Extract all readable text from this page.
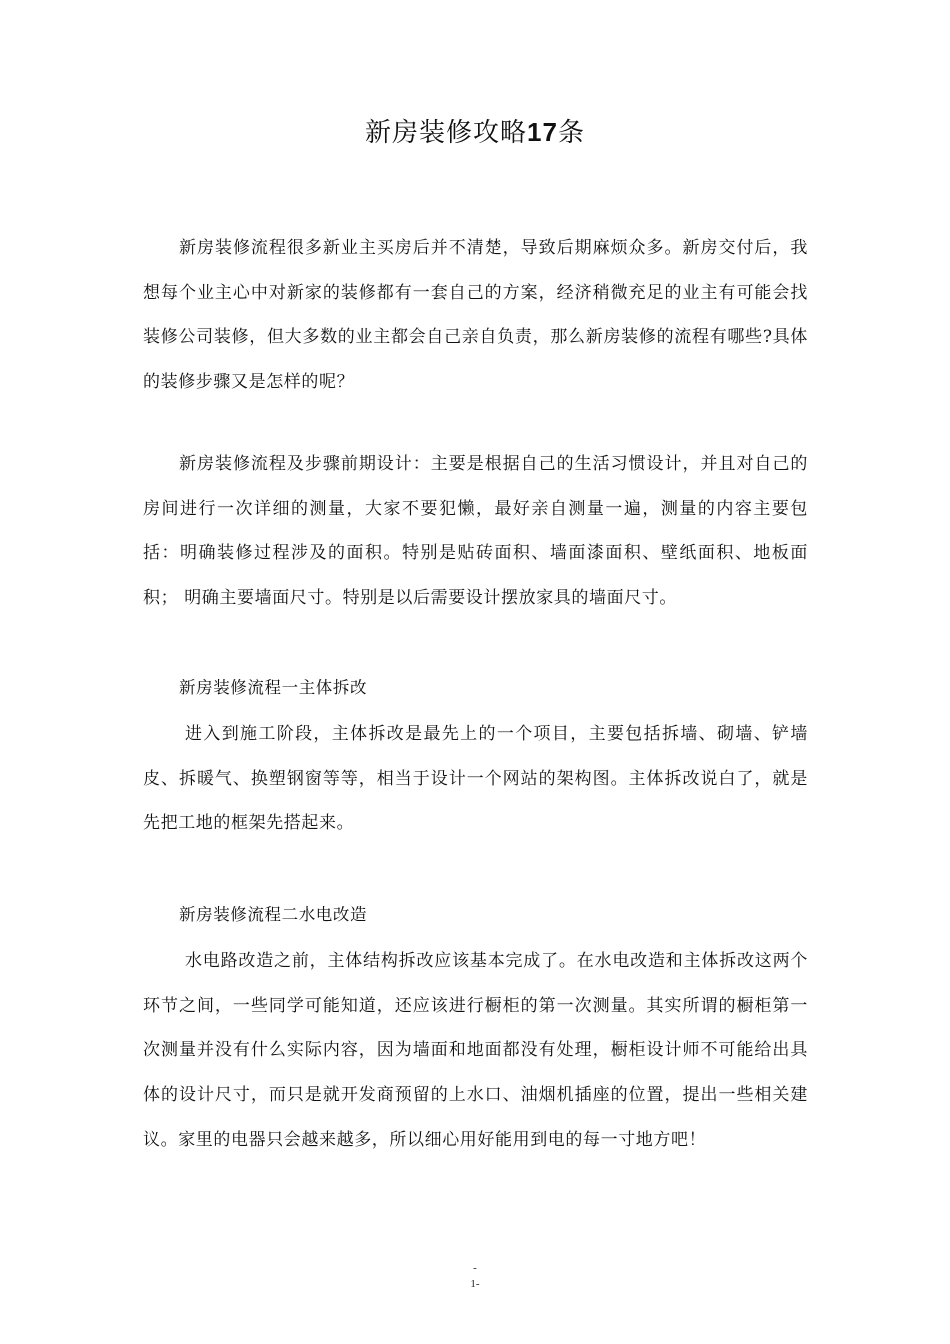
新房装修攻略17条

新房装修流程很多新业主买房后并不清楚，导致后期麻烦众多。新房交付后，我想每个业主心中对新家的装修都有一套自己的方案，经济稍微充足的业主有可能会找装修公司装修，但大多数的业主都会自己亲自负责，那么新房装修的流程有哪些?具体的装修步骤又是怎样的呢？

新房装修流程及步骤前期设计：主要是根据自己的生活习惯设计，并且对自己的房间进行一次详细的测量，大家不要犯懒，最好亲自测量一遍，测量的内容主要包括：明确装修过程涉及的面积。特别是贴砖面积、墙面漆面积、壁纸面积、地板面积； 明确主要墙面尺寸。特别是以后需要设计摆放家具的墙面尺寸。

新房装修流程一主体拆改

进入到施工阶段，主体拆改是最先上的一个项目，主要包括拆墙、砌墙、铲墙皮、拆暖气、换塑钢窗等等，相当于设计一个网站的架构图。主体拆改说白了，就是先把工地的框架先搭起来。

新房装修流程二水电改造

水电路改造之前，主体结构拆改应该基本完成了。在水电改造和主体拆改这两个环节之间，一些同学可能知道，还应该进行橱柜的第一次测量。其实所谓的橱柜第一次测量并没有什么实际内容，因为墙面和地面都没有处理，橱柜设计师不可能给出具体的设计尺寸，而只是就开发商预留的上水口、油烟机插座的位置，提出一些相关建议。家里的电器只会越来越多，所以细心用好能用到电的每一寸地方吧！

-
1-
